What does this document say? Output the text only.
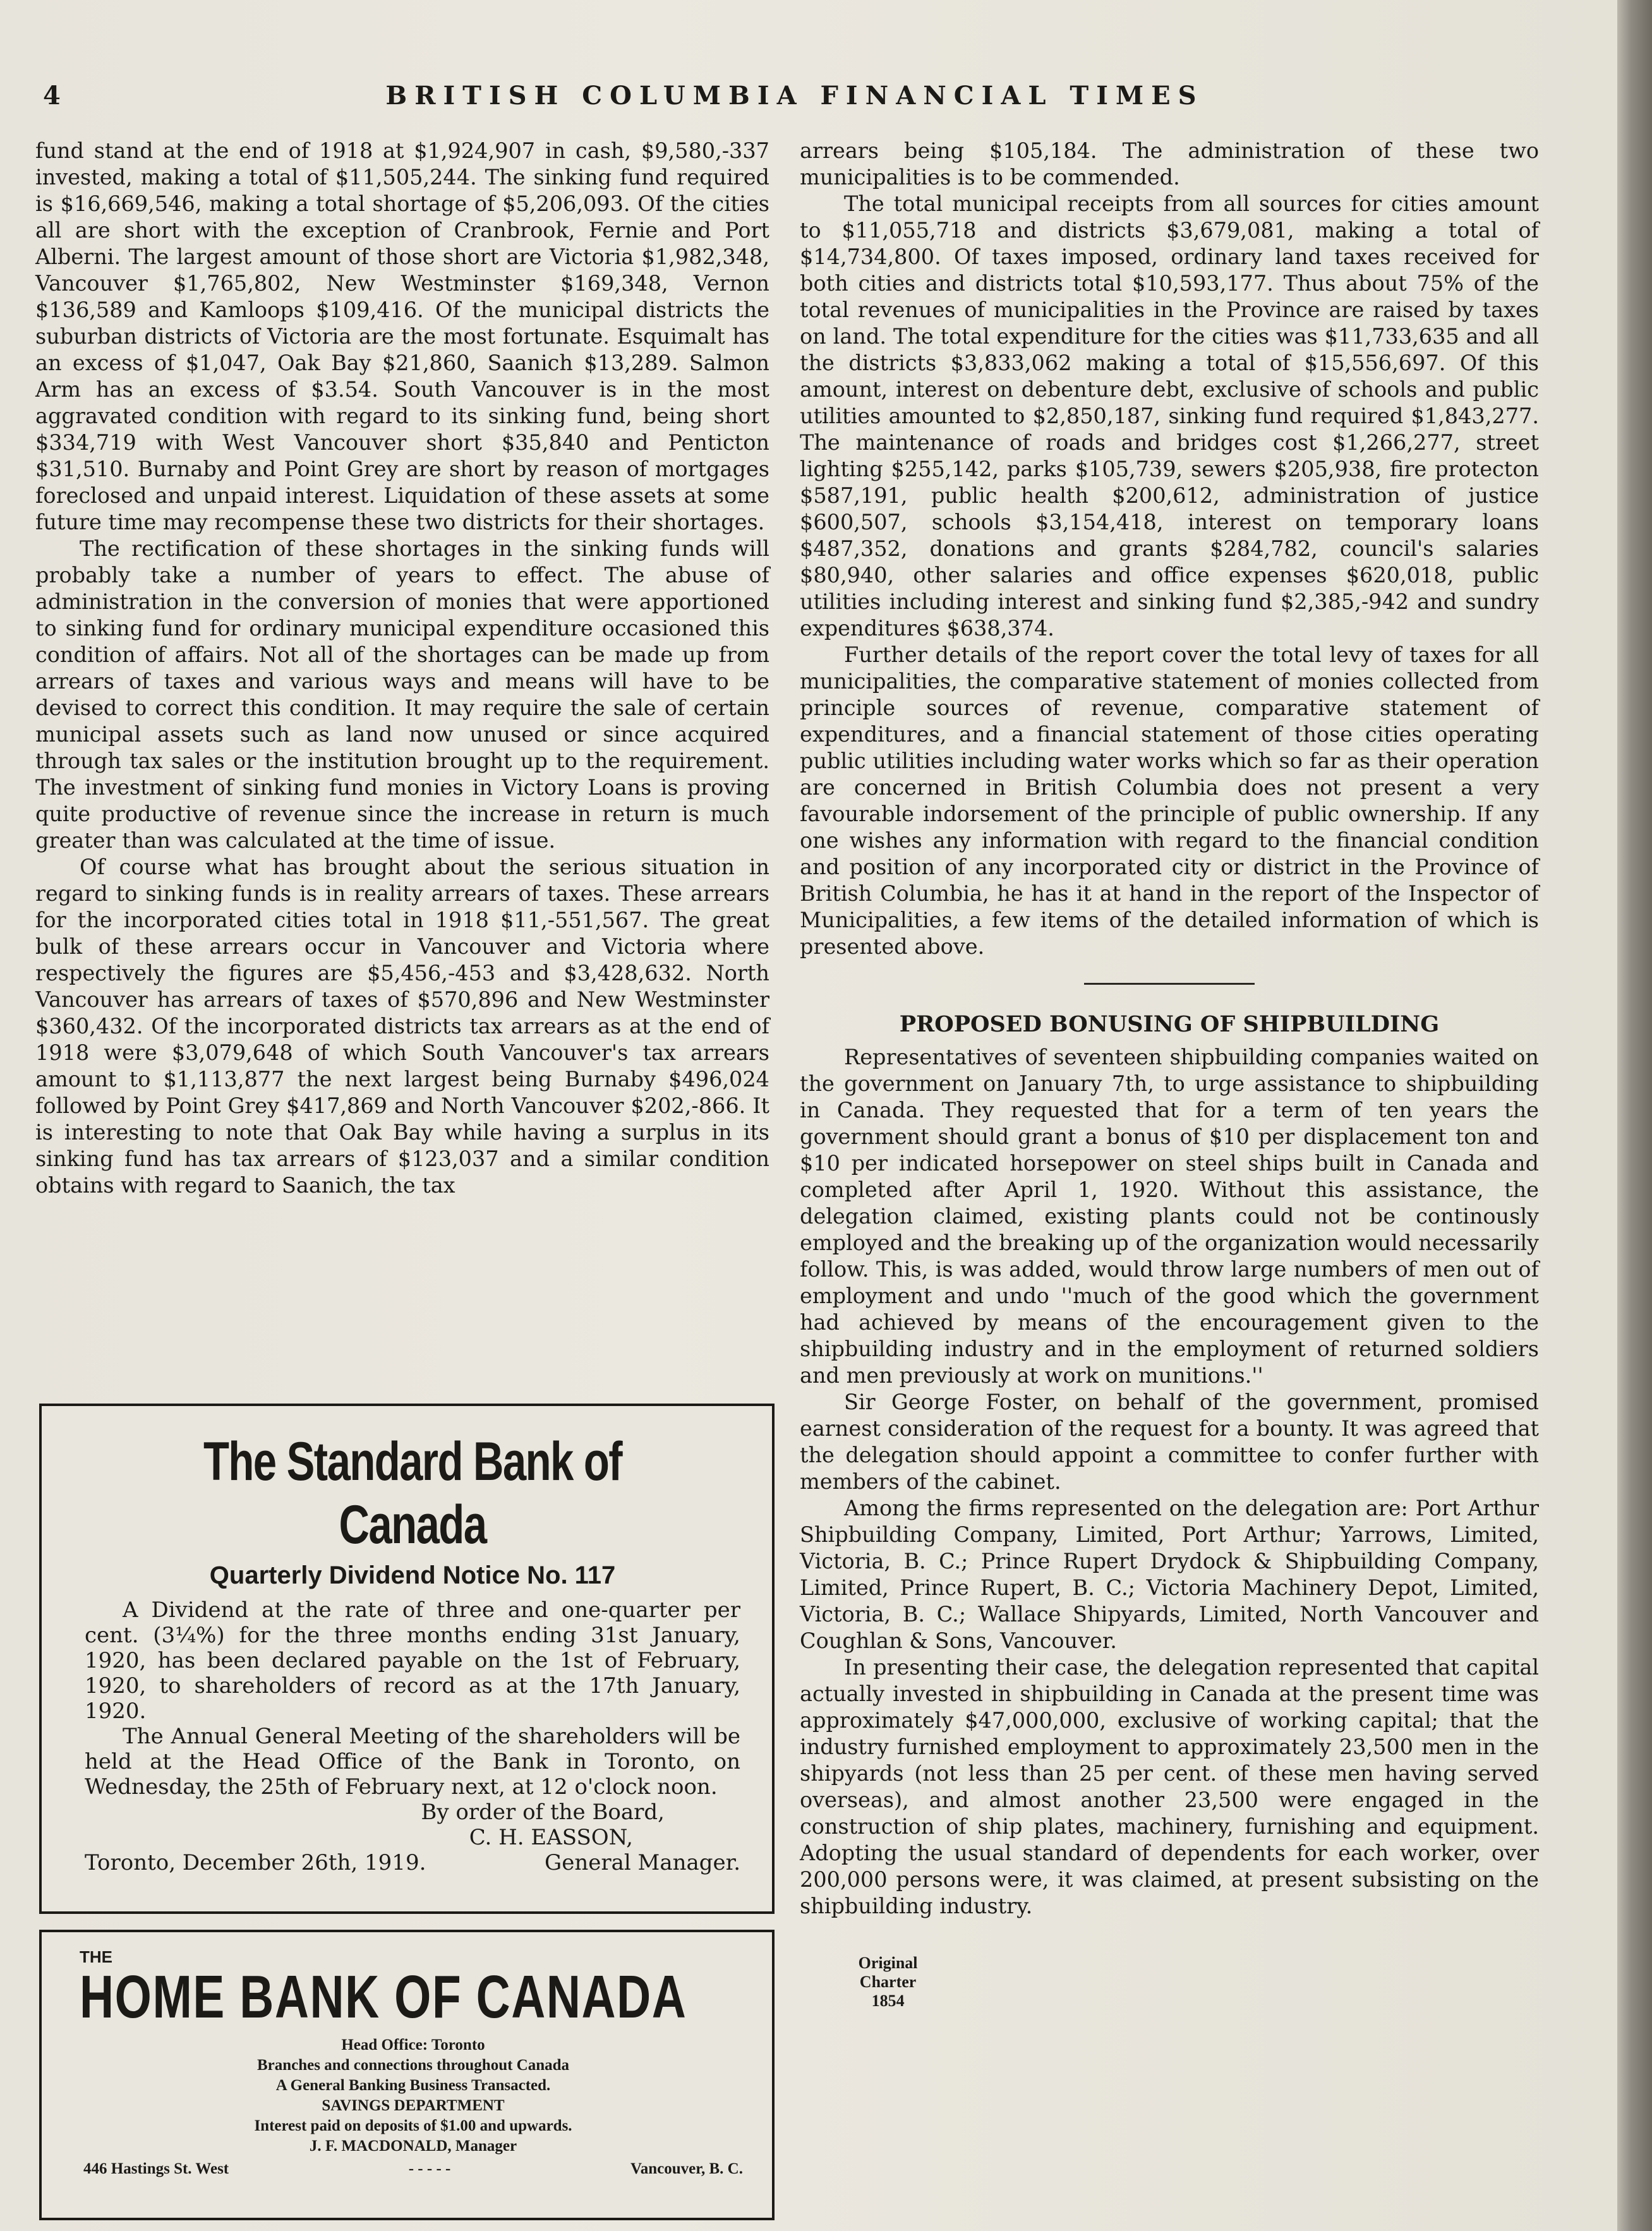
4	BRITISH COLUMBIA FINANCIAL TIMES

fund stand at the end of 1918 at $1,924,907 in cash, $9,580,-337 invested, making a total of $11,505,244. The sinking fund required is $16,669,546, making a total shortage of $5,206,093. Of the cities all are short with the exception of Cranbrook, Fernie and Port Alberni. The largest amount of those short are Victoria $1,982,348, Vancouver $1,765,802, New Westminster $169,348, Vernon $136,589 and Kamloops $109,416. Of the municipal districts the suburban districts of Victoria are the most fortunate. Esquimalt has an excess of $1,047, Oak Bay $21,860, Saanich $13,289. Salmon Arm has an excess of $3.54. South Vancouver is in the most aggravated condition with regard to its sinking fund, being short $334,719 with West Vancouver short $35,840 and Penticton $31,510. Burnaby and Point Grey are short by reason of mortgages foreclosed and unpaid interest. Liquidation of these assets at some future time may recompense these two districts for their shortages.

The rectification of these shortages in the sinking funds will probably take a number of years to effect. The abuse of administration in the conversion of monies that were apportioned to sinking fund for ordinary municipal expenditure occasioned this condition of affairs. Not all of the shortages can be made up from arrears of taxes and various ways and means will have to be devised to correct this condition. It may require the sale of certain municipal assets such as land now unused or since acquired through tax sales or the institution brought up to the requirement. The investment of sinking fund monies in Victory Loans is proving quite productive of revenue since the increase in return is much greater than was calculated at the time of issue.

Of course what has brought about the serious situation in regard to sinking funds is in reality arrears of taxes. These arrears for the incorporated cities total in 1918 $11,-551,567. The great bulk of these arrears occur in Vancouver and Victoria where respectively the figures are $5,456,-453 and $3,428,632. North Vancouver has arrears of taxes of $570,896 and New Westminster $360,432. Of the incorporated districts tax arrears as at the end of 1918 were $3,079,648 of which South Vancouver's tax arrears amount to $1,113,877 the next largest being Burnaby $496,024 followed by Point Grey $417,869 and North Vancouver $202,-866. It is interesting to note that Oak Bay while having a surplus in its sinking fund has tax arrears of $123,037 and a similar condition obtains with regard to Saanich, the tax

arrears being $105,184. The administration of these two municipalities is to be commended.

The total municipal receipts from all sources for cities amount to $11,055,718 and districts $3,679,081, making a total of $14,734,800. Of taxes imposed, ordinary land taxes received for both cities and districts total $10,593,177. Thus about 75% of the total revenues of municipalities in the Province are raised by taxes on land. The total expenditure for the cities was $11,733,635 and all the districts $3,833,062 making a total of $15,556,697. Of this amount, interest on debenture debt, exclusive of schools and public utilities amounted to $2,850,187, sinking fund required $1,843,277. The maintenance of roads and bridges cost $1,266,277, street lighting $255,142, parks $105,739, sewers $205,938, fire protecton $587,191, public health $200,612, administration of justice $600,507, schools $3,154,418, interest on temporary loans $487,352, donations and grants $284,782, council's salaries $80,940, other salaries and office expenses $620,018, public utilities including interest and sinking fund $2,385,-942 and sundry expenditures $638,374.

Further details of the report cover the total levy of taxes for all municipalities, the comparative statement of monies collected from principle sources of revenue, comparative statement of expenditures, and a financial statement of those cities operating public utilities including water works which so far as their operation are concerned in British Columbia does not present a very favourable indorsement of the principle of public ownership. If any one wishes any information with regard to the financial condition and position of any incorporated city or district in the Province of British Columbia, he has it at hand in the report of the Inspector of Municipalities, a few items of the detailed information of which is presented above.

PROPOSED BONUSING OF SHIPBUILDING

Representatives of seventeen shipbuilding companies waited on the government on January 7th, to urge assistance to shipbuilding in Canada. They requested that for a term of ten years the government should grant a bonus of $10 per displacement ton and $10 per indicated horsepower on steel ships built in Canada and completed after April 1, 1920. Without this assistance, the delegation claimed, existing plants could not be continously employed and the breaking up of the organization would necessarily follow. This, is was added, would throw large numbers of men out of employment and undo ''much of the good which the government had achieved by means of the encouragement given to the shipbuilding industry and in the employment of returned soldiers and men previously at work on munitions.''

Sir George Foster, on behalf of the government, promised earnest consideration of the request for a bounty. It was agreed that the delegation should appoint a committee to confer further with members of the cabinet.

Among the firms represented on the delegation are: Port Arthur Shipbuilding Company, Limited, Port Arthur; Yarrows, Limited, Victoria, B. C.; Prince Rupert Drydock & Shipbuilding Company, Limited, Prince Rupert, B. C.; Victoria Machinery Depot, Limited, Victoria, B. C.; Wallace Shipyards, Limited, North Vancouver and Coughlan & Sons, Vancouver.

In presenting their case, the delegation represented that capital actually invested in shipbuilding in Canada at the present time was approximately $47,000,000, exclusive of working capital; that the industry furnished employment to approximately 23,500 men in the shipyards (not less than 25 per cent. of these men having served overseas), and almost another 23,500 were engaged in the construction of ship plates, machinery, furnishing and equipment. Adopting the usual standard of dependents for each worker, over 200,000 persons were, it was claimed, at present subsisting on the shipbuilding industry.

The Standard Bank of Canada
Quarterly Dividend Notice No. 117

A Dividend at the rate of three and one-quarter per cent. (3¼%) for the three months ending 31st January, 1920, has been declared payable on the 1st of February, 1920, to shareholders of record as at the 17th January, 1920.

The Annual General Meeting of the shareholders will be held at the Head Office of the Bank in Toronto, on Wednesday, the 25th of February next, at 12 o'clock noon.

By order of the Board,
C. H. EASSON,
Toronto, December 26th, 1919.	General Manager.
THE
HOME BANK OF CANADA
Original
Charter
1854
Head Office: Toronto
Branches and connections throughout Canada
A General Banking Business Transacted.
SAVINGS DEPARTMENT
Interest paid on deposits of $1.00 and upwards.
J. F. MACDONALD, Manager
446 Hastings St. West	- - - - -	Vancouver, B. C.
